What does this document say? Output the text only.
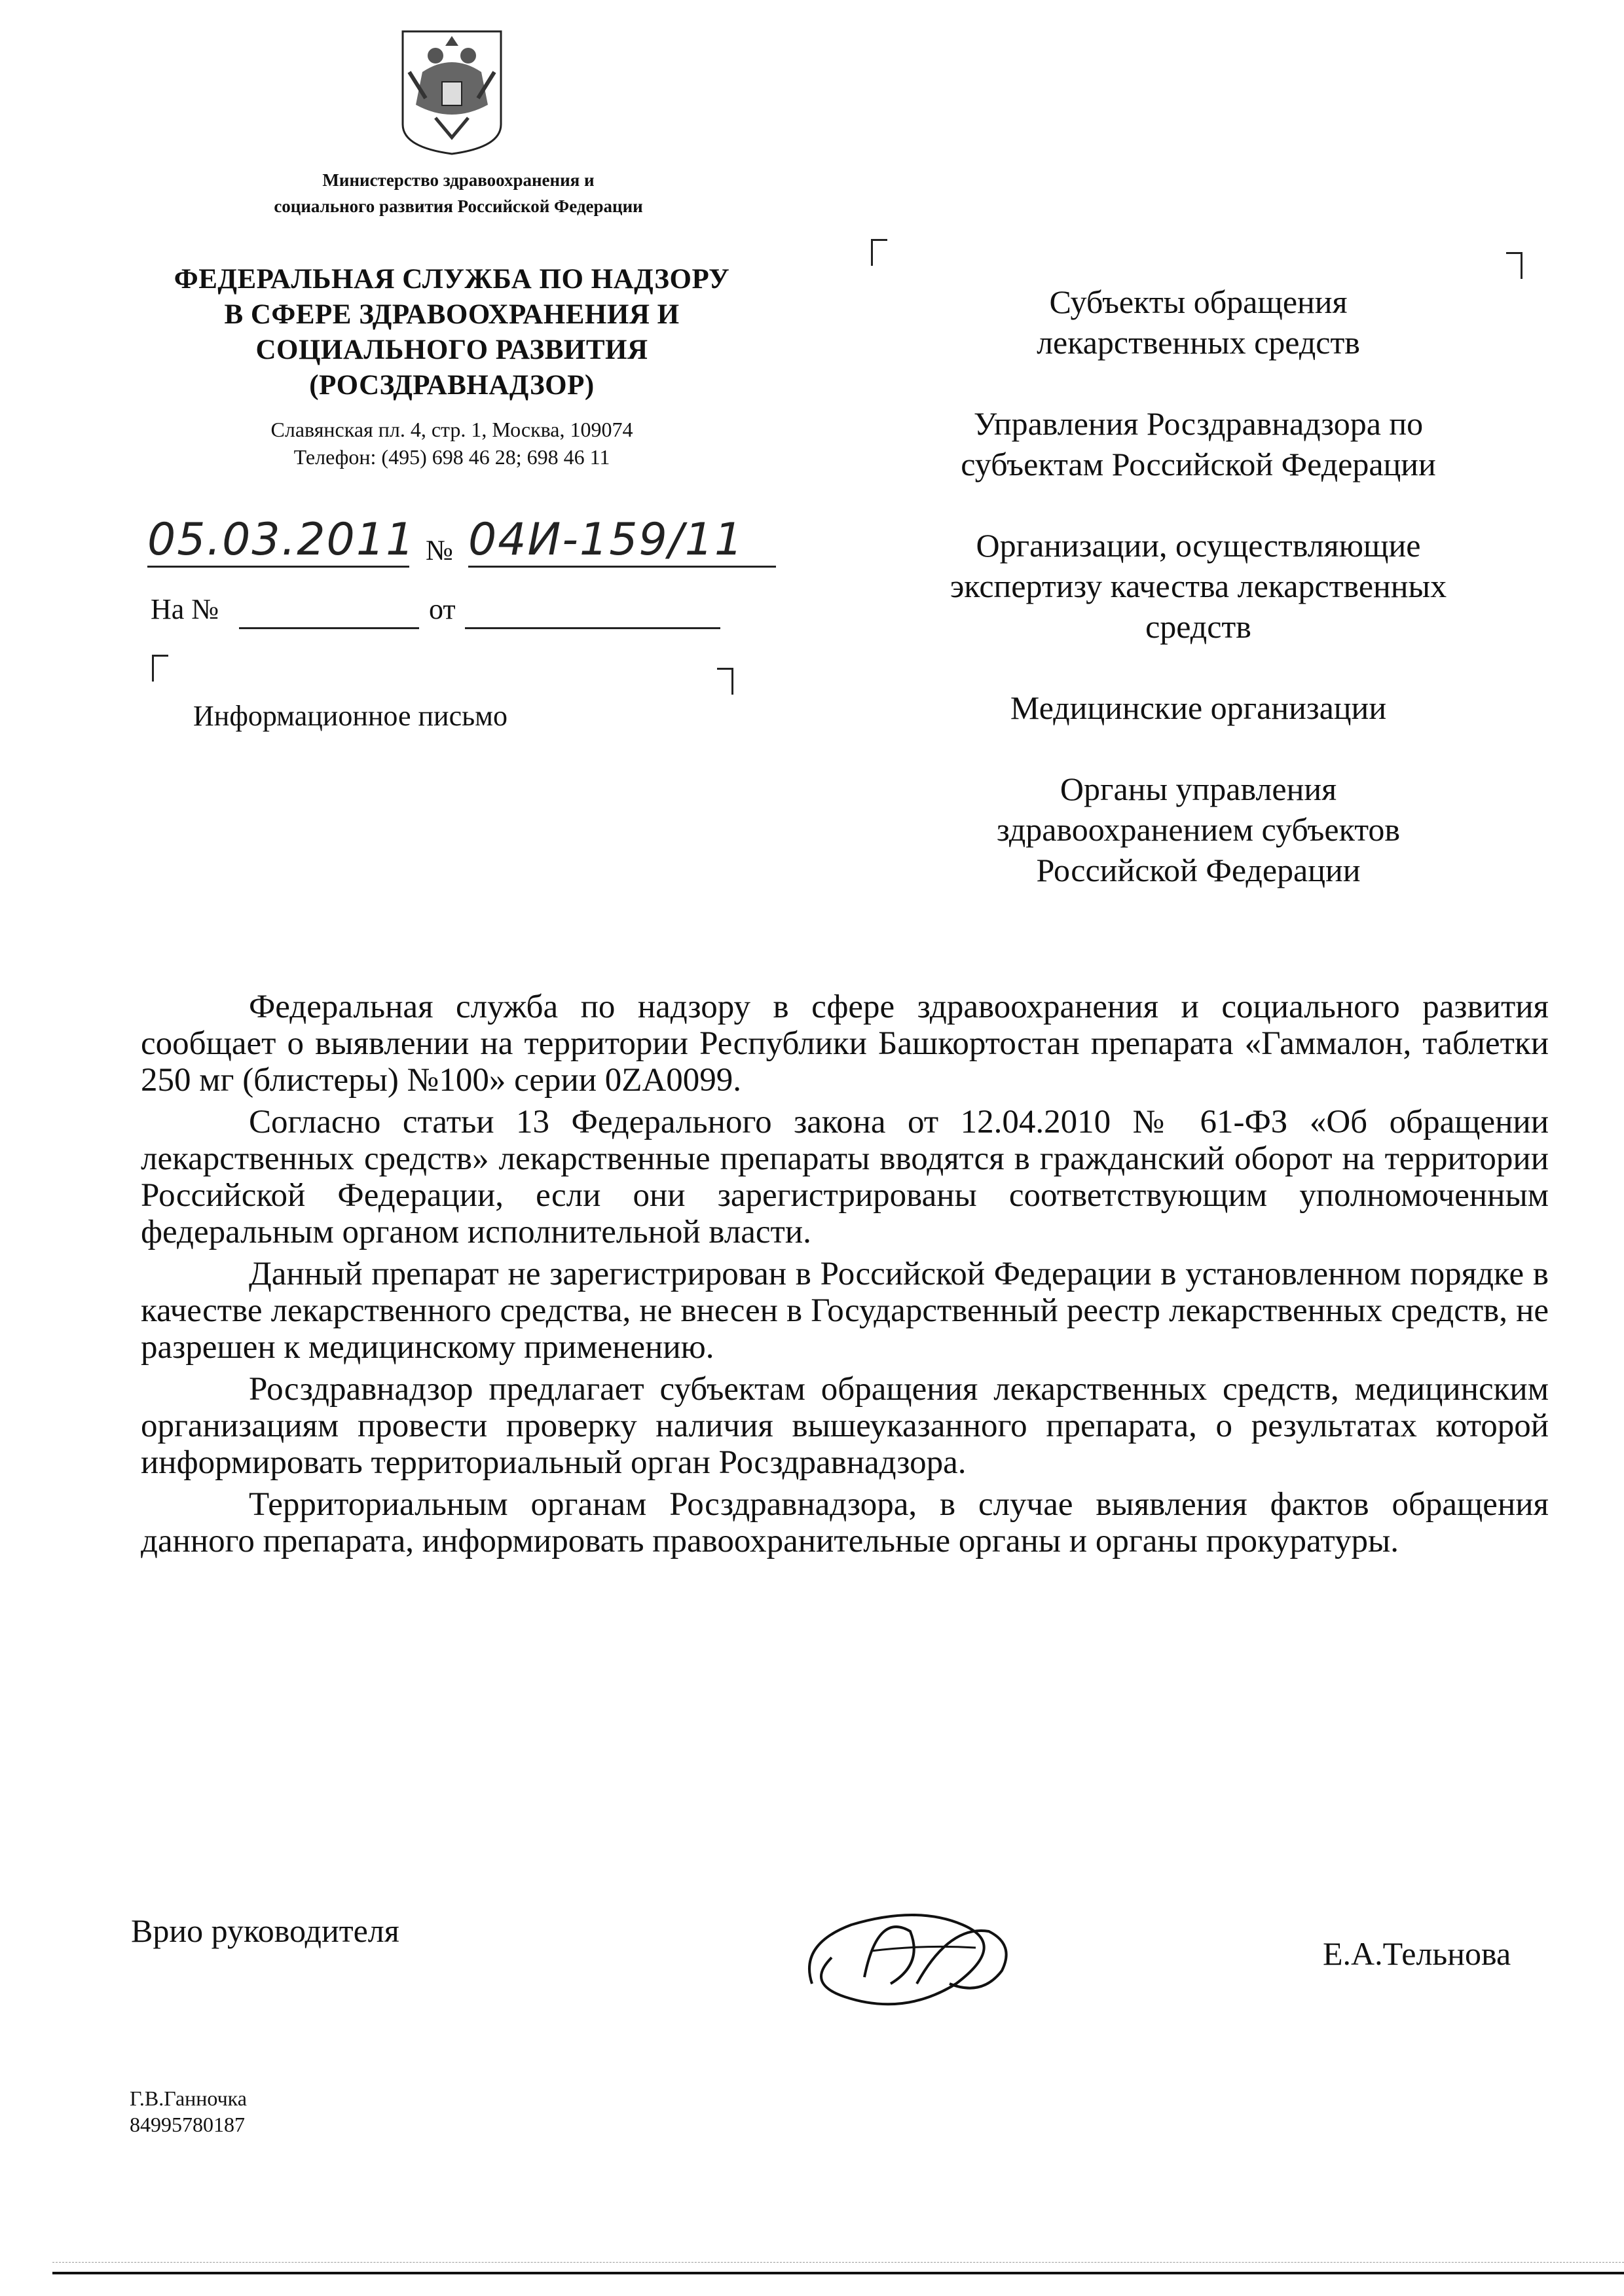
Министерство здравоохранения и
социального развития Российской Федерации
ФЕДЕРАЛЬНАЯ СЛУЖБА ПО НАДЗОРУ
В СФЕРЕ ЗДРАВООХРАНЕНИЯ И
СОЦИАЛЬНОГО РАЗВИТИЯ
(РОСЗДРАВНАДЗОР)
Славянская пл. 4, стр. 1, Москва, 109074
Телефон: (495) 698 46 28; 698 46 11
05.03.2011 № 04И-159/11
На №	от
Информационное письмо
Субъекты обращения
лекарственных средств
Управления Росздравнадзора по
субъектам Российской Федерации
Организации, осуществляющие
экспертизу качества лекарственных
средств
Медицинские организации
Органы управления
здравоохранением субъектов
Российской Федерации

Федеральная служба по надзору в сфере здравоохранения и социального развития сообщает о выявлении на территории Республики Башкортостан препарата «Гаммалон, таблетки 250 мг (блистеры) №100» серии 0ZA0099.

Согласно статьи 13 Федерального закона от 12.04.2010 № 61-ФЗ «Об обращении лекарственных средств» лекарственные препараты вводятся в гражданский оборот на территории Российской Федерации, если они зарегистрированы соответствующим уполномоченным федеральным органом исполнительной власти.

Данный препарат не зарегистрирован в Российской Федерации в установленном порядке в качестве лекарственного средства, не внесен в Государственный реестр лекарственных средств, не разрешен к медицинскому применению.

Росздравнадзор предлагает субъектам обращения лекарственных средств, медицинским организациям провести проверку наличия вышеуказанного препарата, о результатах которой информировать территориальный орган Росздравнадзора.

Территориальным органам Росздравнадзора, в случае выявления фактов обращения данного препарата, информировать правоохранительные органы и органы прокуратуры.

Врио руководителя
Е.А.Тельнова
Г.В.Ганночка
84995780187
